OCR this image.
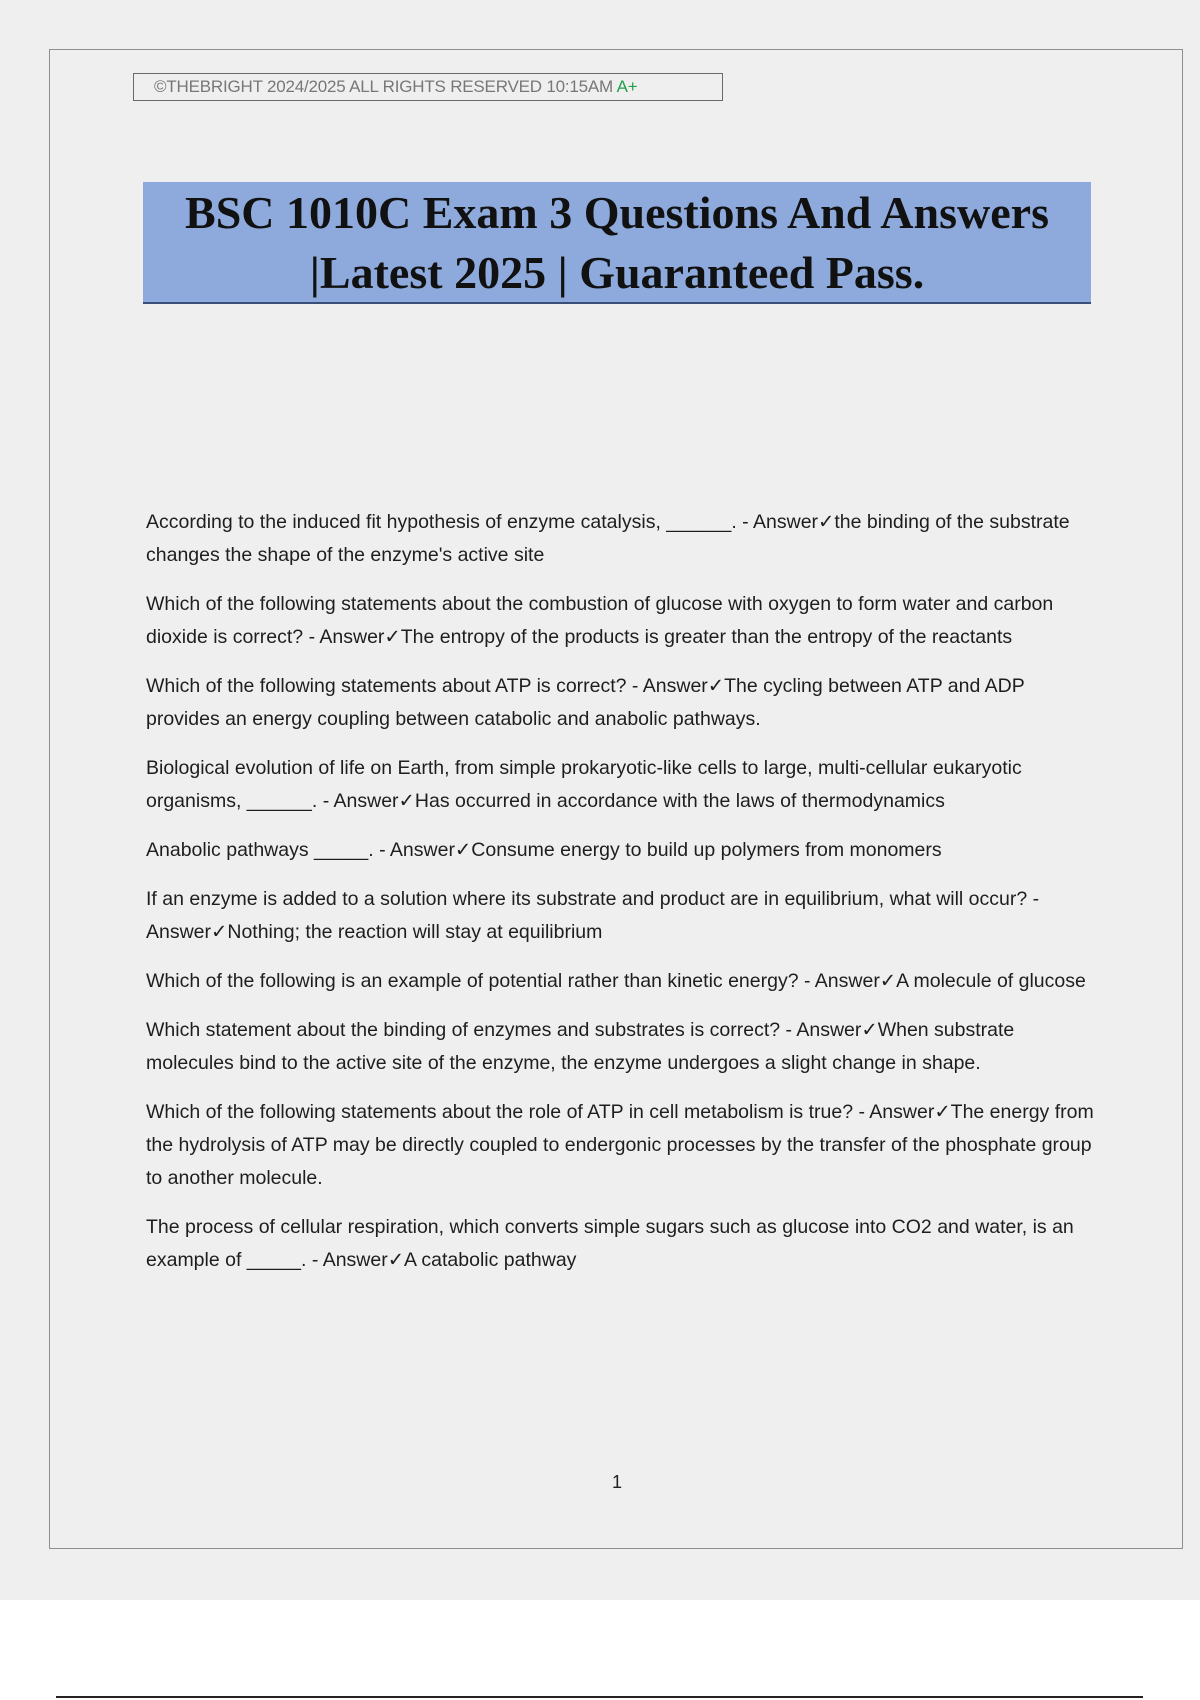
©THEBRIGHT 2024/2025 ALL RIGHTS RESERVED 10:15AM A+
BSC 1010C Exam 3 Questions And Answers
|Latest 2025 | Guaranteed Pass.

According to the induced fit hypothesis of enzyme catalysis, ______. - Answer✓the binding of the substrate changes the shape of the enzyme's active site

Which of the following statements about the combustion of glucose with oxygen to form water and carbon dioxide is correct? - Answer✓The entropy of the products is greater than the entropy of the reactants

Which of the following statements about ATP is correct? - Answer✓The cycling between ATP and ADP provides an energy coupling between catabolic and anabolic pathways.

Biological evolution of life on Earth, from simple prokaryotic-like cells to large, multi-cellular eukaryotic organisms, ______. - Answer✓Has occurred in accordance with the laws of thermodynamics

Anabolic pathways _____. - Answer✓Consume energy to build up polymers from monomers

If an enzyme is added to a solution where its substrate and product are in equilibrium, what will occur? - Answer✓Nothing; the reaction will stay at equilibrium

Which of the following is an example of potential rather than kinetic energy? - Answer✓A molecule of glucose

Which statement about the binding of enzymes and substrates is correct? - Answer✓When substrate molecules bind to the active site of the enzyme, the enzyme undergoes a slight change in shape.

Which of the following statements about the role of ATP in cell metabolism is true? - Answer✓The energy from the hydrolysis of ATP may be directly coupled to endergonic processes by the transfer of the phosphate group to another molecule.

The process of cellular respiration, which converts simple sugars such as glucose into CO2 and water, is an example of _____. - Answer✓A catabolic pathway

1
